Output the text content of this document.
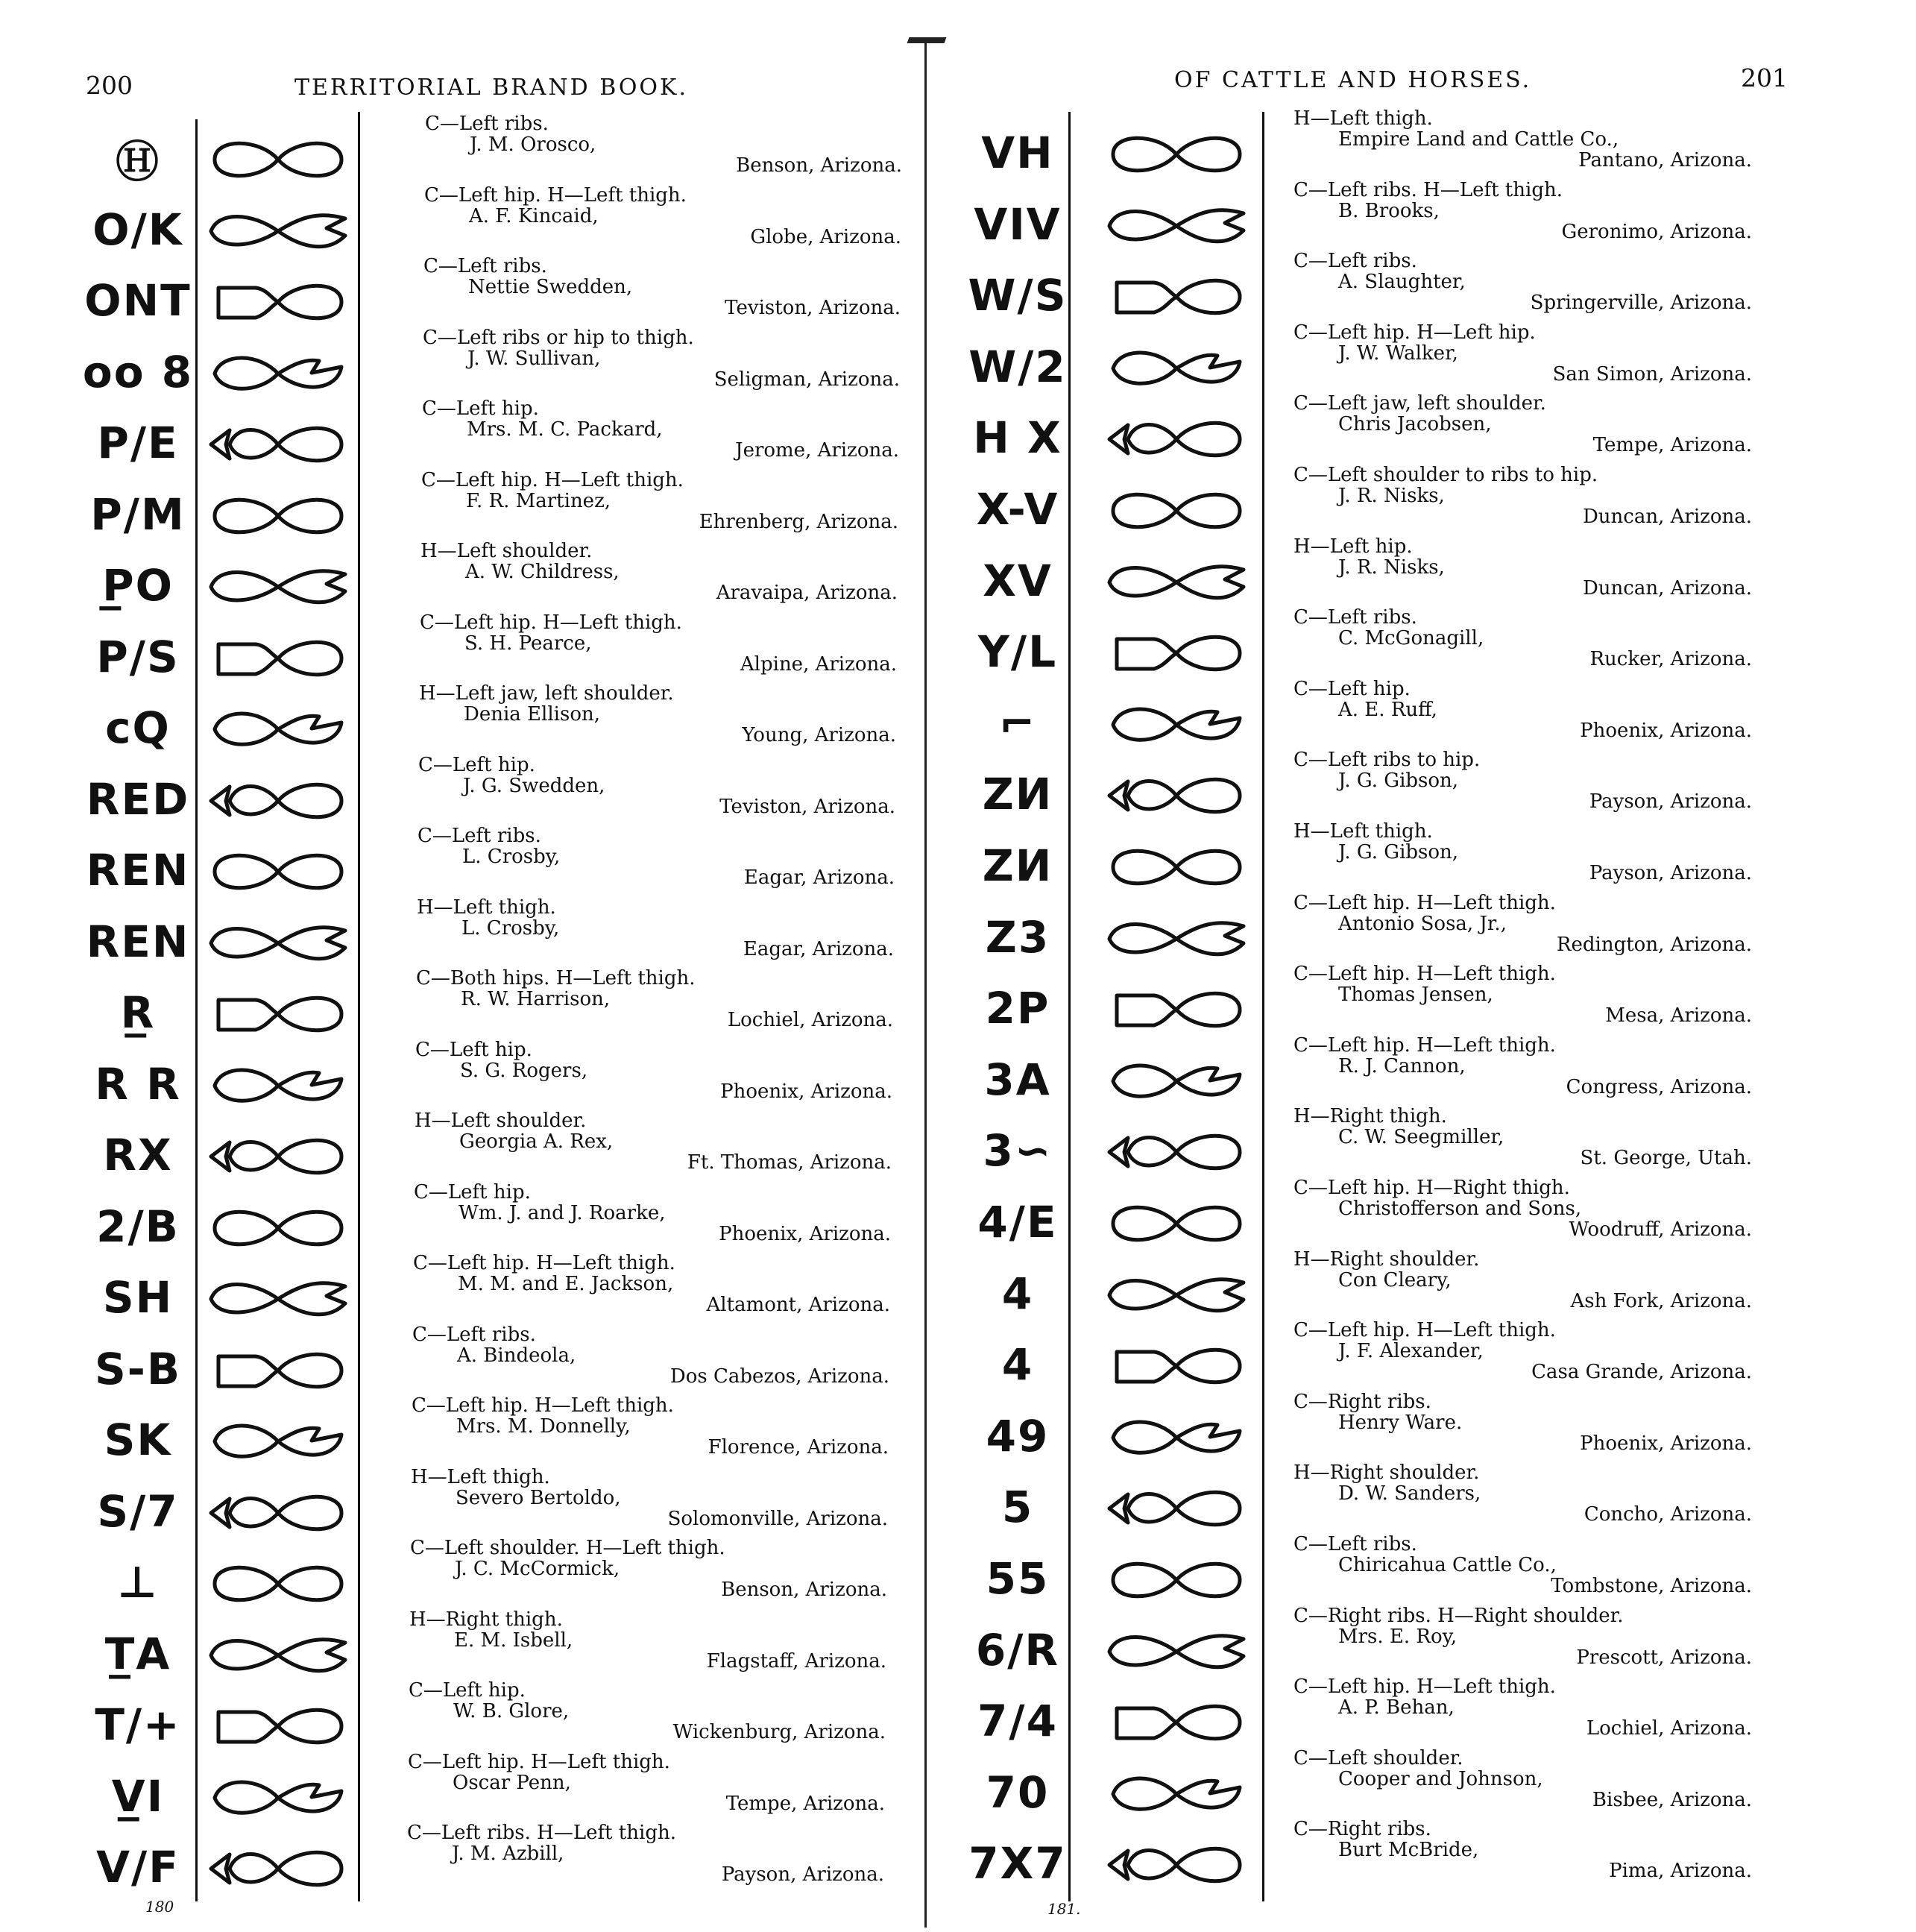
200	TERRITORIAL BRAND BOOK.
Ⓗ
C—Left ribs.
J. M. Orosco,
Benson, Arizona.
O/K
C—Left hip. H—Left thigh.
A. F. Kincaid,
Globe, Arizona.
ONT
C—Left ribs.
Nettie Swedden,
Teviston, Arizona.
oo 8
C—Left ribs or hip to thigh.
J. W. Sullivan,
Seligman, Arizona.
P/E
C—Left hip.
Mrs. M. C. Packard,
Jerome, Arizona.
P/M
C—Left hip. H—Left thigh.
F. R. Martinez,
Ehrenberg, Arizona.
P̲O
H—Left shoulder.
A. W. Childress,
Aravaipa, Arizona.
P/S
C—Left hip. H—Left thigh.
S. H. Pearce,
Alpine, Arizona.
cQ
H—Left jaw, left shoulder.
Denia Ellison,
Young, Arizona.
RED
C—Left hip.
J. G. Swedden,
Teviston, Arizona.
REN
C—Left ribs.
L. Crosby,
Eagar, Arizona.
REN
H—Left thigh.
L. Crosby,
Eagar, Arizona.
R̲
C—Both hips. H—Left thigh.
R. W. Harrison,
Lochiel, Arizona.
R R
C—Left hip.
S. G. Rogers,
Phoenix, Arizona.
RX
H—Left shoulder.
Georgia A. Rex,
Ft. Thomas, Arizona.
2/B
C—Left hip.
Wm. J. and J. Roarke,
Phoenix, Arizona.
SH
C—Left hip. H—Left thigh.
M. M. and E. Jackson,
Altamont, Arizona.
S-B
C—Left ribs.
A. Bindeola,
Dos Cabezos, Arizona.
SK
C—Left hip. H—Left thigh.
Mrs. M. Donnelly,
Florence, Arizona.
S/7
H—Left thigh.
Severo Bertoldo,
Solomonville, Arizona.
⊥
C—Left shoulder. H—Left thigh.
J. C. McCormick,
Benson, Arizona.
T̲A
H—Right thigh.
E. M. Isbell,
Flagstaff, Arizona.
T/+
C—Left hip.
W. B. Glore,
Wickenburg, Arizona.
V̲I
C—Left hip. H—Left thigh.
Oscar Penn,
Tempe, Arizona.
V/F
C—Left ribs. H—Left thigh.
J. M. Azbill,
Payson, Arizona.
180
OF CATTLE AND HORSES.	201
VH
H—Left thigh.
Empire Land and Cattle Co.,
Pantano, Arizona.
VIV
C—Left ribs. H—Left thigh.
B. Brooks,
Geronimo, Arizona.
W/S
C—Left ribs.
A. Slaughter,
Springerville, Arizona.
W/2
C—Left hip. H—Left hip.
J. W. Walker,
San Simon, Arizona.
H X
C—Left jaw, left shoulder.
Chris Jacobsen,
Tempe, Arizona.
X-V
C—Left shoulder to ribs to hip.
J. R. Nisks,
Duncan, Arizona.
XV
H—Left hip.
J. R. Nisks,
Duncan, Arizona.
Y/L
C—Left ribs.
C. McGonagill,
Rucker, Arizona.
⌐
C—Left hip.
A. E. Ruff,
Phoenix, Arizona.
ZИ
C—Left ribs to hip.
J. G. Gibson,
Payson, Arizona.
ZИ
H—Left thigh.
J. G. Gibson,
Payson, Arizona.
Z3
C—Left hip. H—Left thigh.
Antonio Sosa, Jr.,
Redington, Arizona.
2P
C—Left hip. H—Left thigh.
Thomas Jensen,
Mesa, Arizona.
3A
C—Left hip. H—Left thigh.
R. J. Cannon,
Congress, Arizona.
3∽
H—Right thigh.
C. W. Seegmiller,
St. George, Utah.
4/E
C—Left hip. H—Right thigh.
Christofferson and Sons,
Woodruff, Arizona.
4
H—Right shoulder.
Con Cleary,
Ash Fork, Arizona.
4
C—Left hip. H—Left thigh.
J. F. Alexander,
Casa Grande, Arizona.
49
C—Right ribs.
Henry Ware.
Phoenix, Arizona.
5
H—Right shoulder.
D. W. Sanders,
Concho, Arizona.
55
C—Left ribs.
Chiricahua Cattle Co.,
Tombstone, Arizona.
6/R
C—Right ribs. H—Right shoulder.
Mrs. E. Roy,
Prescott, Arizona.
7/4
C—Left hip. H—Left thigh.
A. P. Behan,
Lochiel, Arizona.
70
C—Left shoulder.
Cooper and Johnson,
Bisbee, Arizona.
7X7
C—Right ribs.
Burt McBride,
Pima, Arizona.
181.
